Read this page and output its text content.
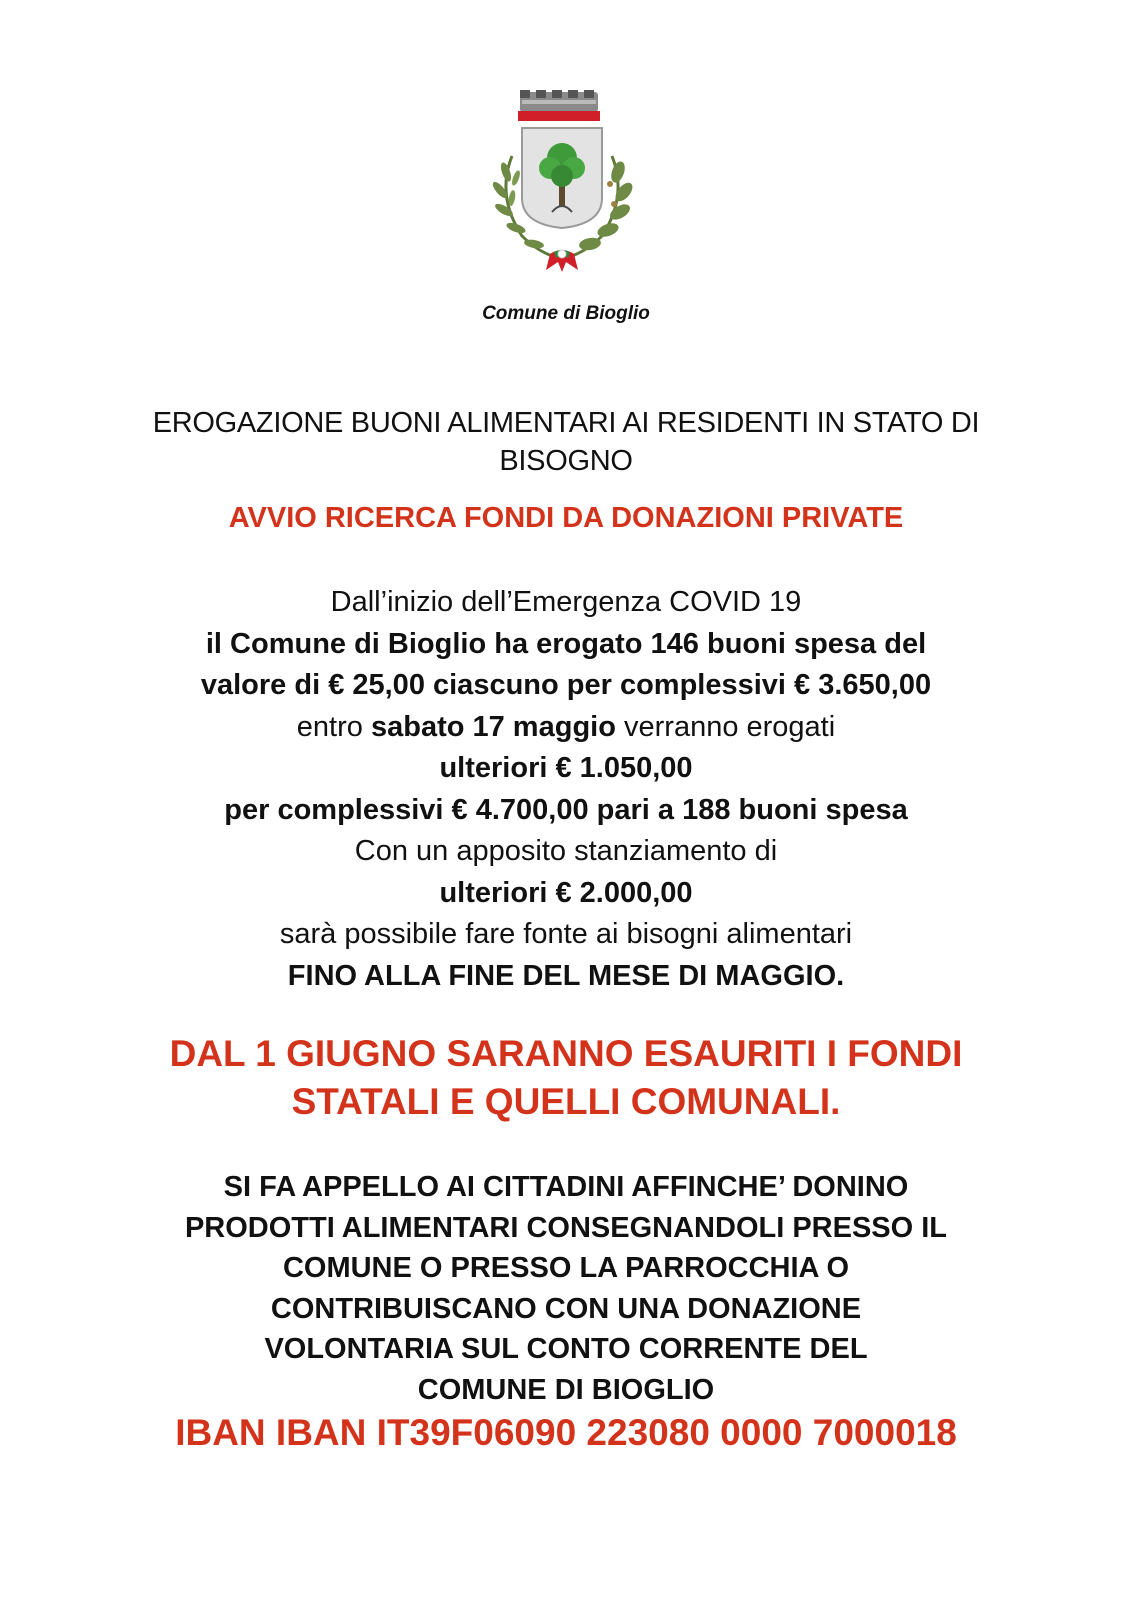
Comune di Bioglio
EROGAZIONE BUONI ALIMENTARI AI RESIDENTI IN STATO DI
BISOGNO
AVVIO RICERCA FONDI DA DONAZIONI PRIVATE
Dall’inizio dell’Emergenza COVID 19
il Comune di Bioglio ha erogato 146 buoni spesa del
valore di € 25,00 ciascuno per complessivi € 3.650,00
entro sabato 17 maggio verranno erogati
ulteriori € 1.050,00
per complessivi € 4.700,00 pari a 188 buoni spesa
Con un apposito stanziamento di
ulteriori € 2.000,00
sarà possibile fare fonte ai bisogni alimentari
FINO ALLA FINE DEL MESE DI MAGGIO.
DAL 1 GIUGNO SARANNO ESAURITI I FONDI
STATALI E QUELLI COMUNALI.
SI FA APPELLO AI CITTADINI AFFINCHE’ DONINO
PRODOTTI ALIMENTARI CONSEGNANDOLI PRESSO IL
COMUNE O PRESSO LA PARROCCHIA O
CONTRIBUISCANO CON UNA DONAZIONE
VOLONTARIA SUL CONTO CORRENTE DEL
COMUNE DI BIOGLIO
IBAN IBAN IT39F06090 223080 0000 7000018
